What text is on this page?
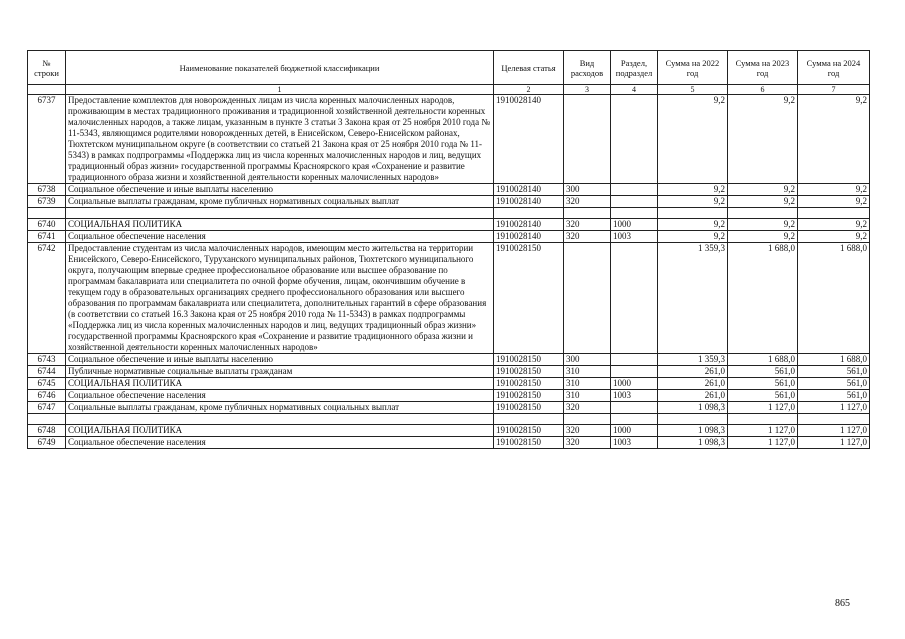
№ строки	Наименование показателей бюджетной классификации	Целевая статья	Вид расходов	Раздел, подраздел	Сумма на 2022 год	Сумма на 2023 год	Сумма на 2024 год
	1	2	3	4	5	6	7
6737	Предоставление комплектов для новорожденных лицам из числа коренных малочисленных народов, проживающим в местах традиционного проживания и традиционной хозяйственной деятельности коренных малочисленных народов, а также лицам, указанным в пункте 3 статьи 3 Закона края от 25 ноября 2010 года № 11-5343, являющимся родителями новорожденных детей, в Енисейском, Северо-Енисейском районах, Тюхтетском муниципальном округе (в соответствии со статьей 21 Закона края от 25 ноября 2010 года № 11-5343) в рамках подпрограммы «Поддержка лиц из числа коренных малочисленных народов и лиц, ведущих традиционный образ жизни» государственной программы Красноярского края «Сохранение и развитие традиционного образа жизни и хозяйственной деятельности коренных малочисленных народов»	1910028140			9,2	9,2	9,2
6738	Социальное обеспечение и иные выплаты населению	1910028140	300		9,2	9,2	9,2
6739	Социальные выплаты гражданам, кроме публичных нормативных социальных выплат	1910028140	320		9,2	9,2	9,2

6740	СОЦИАЛЬНАЯ ПОЛИТИКА	1910028140	320	1000	9,2	9,2	9,2
6741	Социальное обеспечение населения	1910028140	320	1003	9,2	9,2	9,2
6742	Предоставление студентам из числа малочисленных народов, имеющим место жительства на территории Енисейского, Северо-Енисейского, Туруханского муниципальных районов, Тюхтетского муниципального округа, получающим впервые среднее профессиональное образование или высшее образование по программам бакалавриата или специалитета по очной форме обучения, лицам, окончившим обучение в текущем году в образовательных организациях среднего профессионального образования или высшего образования по программам бакалавриата или специалитета, дополнительных гарантий в сфере образования (в соответствии со статьей 16.3 Закона края от 25 ноября 2010 года № 11-5343) в рамках подпрограммы «Поддержка лиц из числа коренных малочисленных народов и лиц, ведущих традиционный образ жизни» государственной программы Красноярского края «Сохранение и развитие традиционного образа жизни и хозяйственной деятельности коренных малочисленных народов»	1910028150			1 359,3	1 688,0	1 688,0
6743	Социальное обеспечение и иные выплаты населению	1910028150	300		1 359,3	1 688,0	1 688,0
6744	Публичные нормативные социальные выплаты гражданам	1910028150	310		261,0	561,0	561,0
6745	СОЦИАЛЬНАЯ ПОЛИТИКА	1910028150	310	1000	261,0	561,0	561,0
6746	Социальное обеспечение населения	1910028150	310	1003	261,0	561,0	561,0
6747	Социальные выплаты гражданам, кроме публичных нормативных социальных выплат	1910028150	320		1 098,3	1 127,0	1 127,0

6748	СОЦИАЛЬНАЯ ПОЛИТИКА	1910028150	320	1000	1 098,3	1 127,0	1 127,0
6749	Социальное обеспечение населения	1910028150	320	1003	1 098,3	1 127,0	1 127,0
865
